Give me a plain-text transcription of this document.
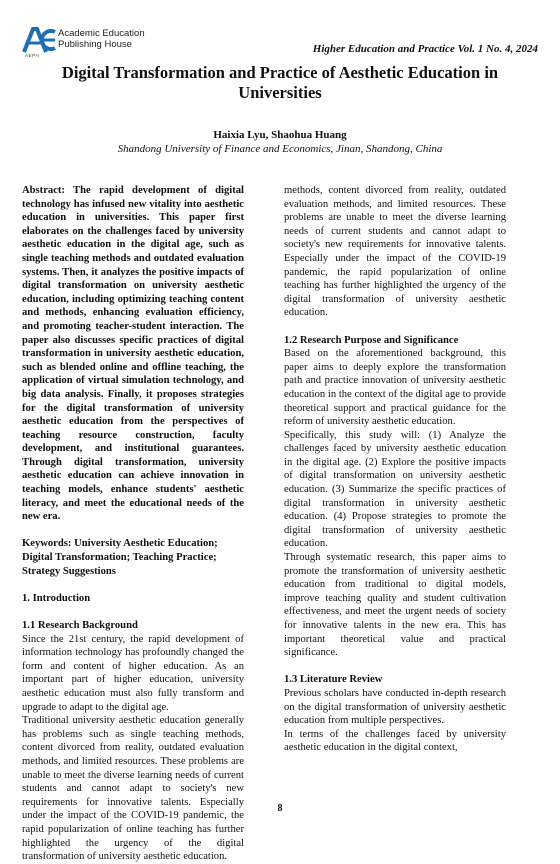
Academic Education
Publishing House
AEPH
Higher Education and Practice Vol. 1 No. 4, 2024
Digital Transformation and Practice of Aesthetic Education in Universities
Haixia Lyu, Shaohua Huang
Shandong University of Finance and Economics, Jinan, Shandong, China

Abstract: The rapid development of digital technology has infused new vitality into aesthetic education in universities. This paper first elaborates on the challenges faced by university aesthetic education in the digital age, such as single teaching methods and outdated evaluation systems. Then, it analyzes the positive impacts of digital transformation on university aesthetic education, including optimizing teaching content and methods, enhancing evaluation efficiency, and promoting teacher-student interaction. The paper also discusses specific practices of digital transformation in university aesthetic education, such as blended online and offline teaching, the application of virtual simulation technology, and big data analysis. Finally, it proposes strategies for the digital transformation of university aesthetic education from the perspectives of teaching resource construction, faculty development, and institutional guarantees. Through digital transformation, university aesthetic education can achieve innovation in teaching models, enhance students' aesthetic literacy, and meet the educational needs of the new era.

Keywords: University Aesthetic Education; Digital Transformation; Teaching Practice; Strategy Suggestions

1. Introduction

1.1 Research Background

Since the 21st century, the rapid development of information technology has profoundly changed the form and content of higher education. As an important part of higher education, university aesthetic education must also fully transform and upgrade to adapt to the digital age.

Traditional university aesthetic education generally has problems such as single teaching methods, content divorced from reality, outdated evaluation methods, and limited resources. These problems are unable to meet the diverse learning needs of current students and cannot adapt to society's new requirements for innovative talents. Especially under the impact of the COVID-19 pandemic, the rapid popularization of online teaching has further highlighted the urgency of the digital transformation of university aesthetic education.

methods, content divorced from reality, outdated evaluation methods, and limited resources. These problems are unable to meet the diverse learning needs of current students and cannot adapt to society's new requirements for innovative talents. Especially under the impact of the COVID-19 pandemic, the rapid popularization of online teaching has further highlighted the urgency of the digital transformation of university aesthetic education.

1.2 Research Purpose and Significance

Based on the aforementioned background, this paper aims to deeply explore the transformation path and practice innovation of university aesthetic education in the context of the digital age to provide theoretical support and practical guidance for the reform of university aesthetic education.

Specifically, this study will: (1) Analyze the challenges faced by university aesthetic education in the digital age. (2) Explore the positive impacts of digital transformation on university aesthetic education. (3) Summarize the specific practices of digital transformation in university aesthetic education. (4) Propose strategies to promote the digital transformation of university aesthetic education.

Through systematic research, this paper aims to promote the transformation of university aesthetic education from traditional to digital models, improve teaching quality and student cultivation effectiveness, and meet the urgent needs of society for innovative talents in the new era. This has important theoretical value and practical significance.

1.3 Literature Review

Previous scholars have conducted in-depth research on the digital transformation of university aesthetic education from multiple perspectives.

In terms of the challenges faced by university aesthetic education in the digital context,

8
